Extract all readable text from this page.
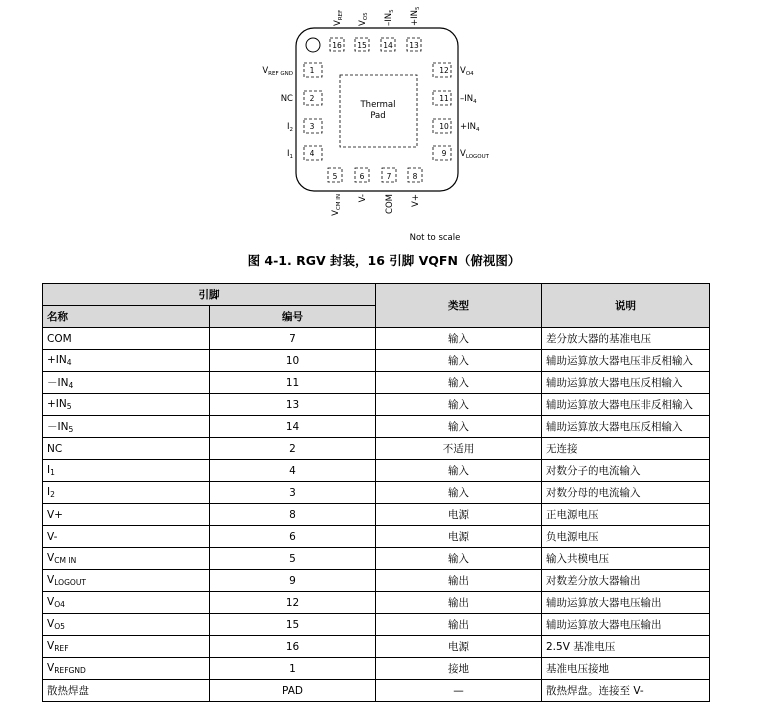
Thermal
Pad
16
$V_{REF}$
15
$V_{O5}$
14
$-IN_5$
13
$+IN_5$
5
$V_{CM IN}$
6
V-
7
COM
8
V+
1
$V_{REF GND}$
2
NC
3
$I_2$
4
$I_1$
12 $V_{O4}$
11 $-IN_4$
$10 +IN_4$
9 $V_{LOGOUT}$
Not to scale
图 4-1. RGV 封装，16 引脚 VQFN（俯视图）
引脚		类型	说明
名称	编号		
COM	7	输入	差分放大器的基准电压
$+IN_4$	10	输入	辅助运算放大器电压非反相输入
$-IN_4$	11	输入	辅助运算放大器电压反相输入
$+IN_5$	13	输入	辅助运算放大器电压非反相输入
$-IN_5$	14	输入	辅助运算放大器电压反相输入
NC	2	不适用	无连接
$I_1$	4	输入	对数分子的电流输入
$I_2$	3	输入	对数分母的电流输入
V+	8	电源	正电源电压
V-	6	电源	负电源电压
$V_{CM IN}$	5	输入	输入共模电压
$V_{LOGOUT}$	9	输出	对数差分放大器输出
$V_{O4}$	12	输出	辅助运算放大器电压输出
$V_{O5}$	15	输出	辅助运算放大器电压输出
$V_{REF}$	16	电源	2.5V 基准电压
$V_{REFGND}$	1	接地	基准电压接地
散热焊盘	PAD	—	散热焊盘。连接至 V-
